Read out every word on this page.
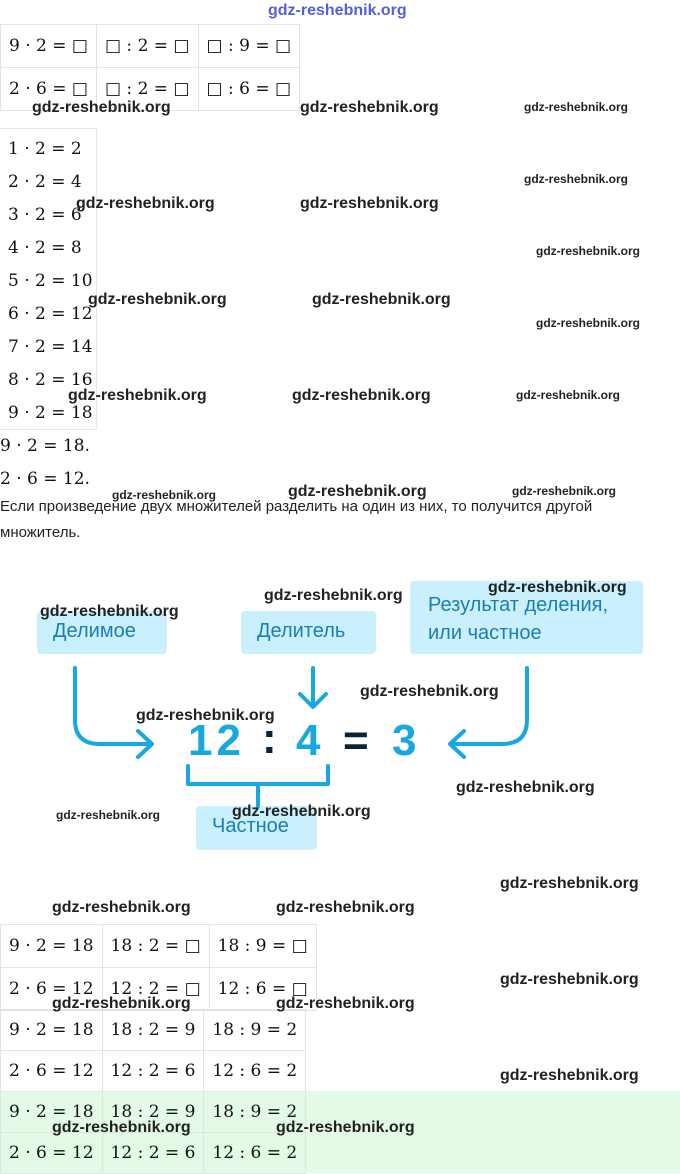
gdz-reshebnik.org
9 · 2 = □	□ : 2 = □	□ : 9 = □
2 · 6 = □	□ : 2 = □	□ : 6 = □
1 · 2 = 2
2 · 2 = 4
3 · 2 = 6
4 · 2 = 8
5 · 2 = 10
6 · 2 = 12
7 · 2 = 14
8 · 2 = 16
9 · 2 = 18
9 · 2 = 18.
2 · 6 = 12.
Если произведение двух множителей разделить на один из них, то получится другой множитель.
Делимое	Делитель
Результат деления, или частное
Частное
12 : 4 = 3
9 · 2 = 18	18 : 2 = □	18 : 9 = □
2 · 6 = 12	12 : 2 = □	12 : 6 = □
9 · 2 = 18	18 : 2 = 9	18 : 9 = 2
2 · 6 = 12	12 : 2 = 6	12 : 6 = 2
9 · 2 = 18	18 : 2 = 9	18 : 9 = 2
2 · 6 = 12	12 : 2 = 6	12 : 6 = 2
gdz-reshebnik.org	gdz-reshebnik.org	gdz-reshebnik.org
gdz-reshebnik.org
gdz-reshebnik.org	gdz-reshebnik.org
gdz-reshebnik.org
gdz-reshebnik.org	gdz-reshebnik.org
gdz-reshebnik.org
gdz-reshebnik.org	gdz-reshebnik.org	gdz-reshebnik.org
gdz-reshebnik.org	gdz-reshebnik.org	gdz-reshebnik.org
gdz-reshebnik.org
gdz-reshebnik.org
gdz-reshebnik.org
gdz-reshebnik.org
gdz-reshebnik.org
gdz-reshebnik.org
gdz-reshebnik.org
gdz-reshebnik.org
gdz-reshebnik.org
gdz-reshebnik.org	gdz-reshebnik.org
gdz-reshebnik.org
gdz-reshebnik.org	gdz-reshebnik.org
gdz-reshebnik.org
gdz-reshebnik.org	gdz-reshebnik.org
